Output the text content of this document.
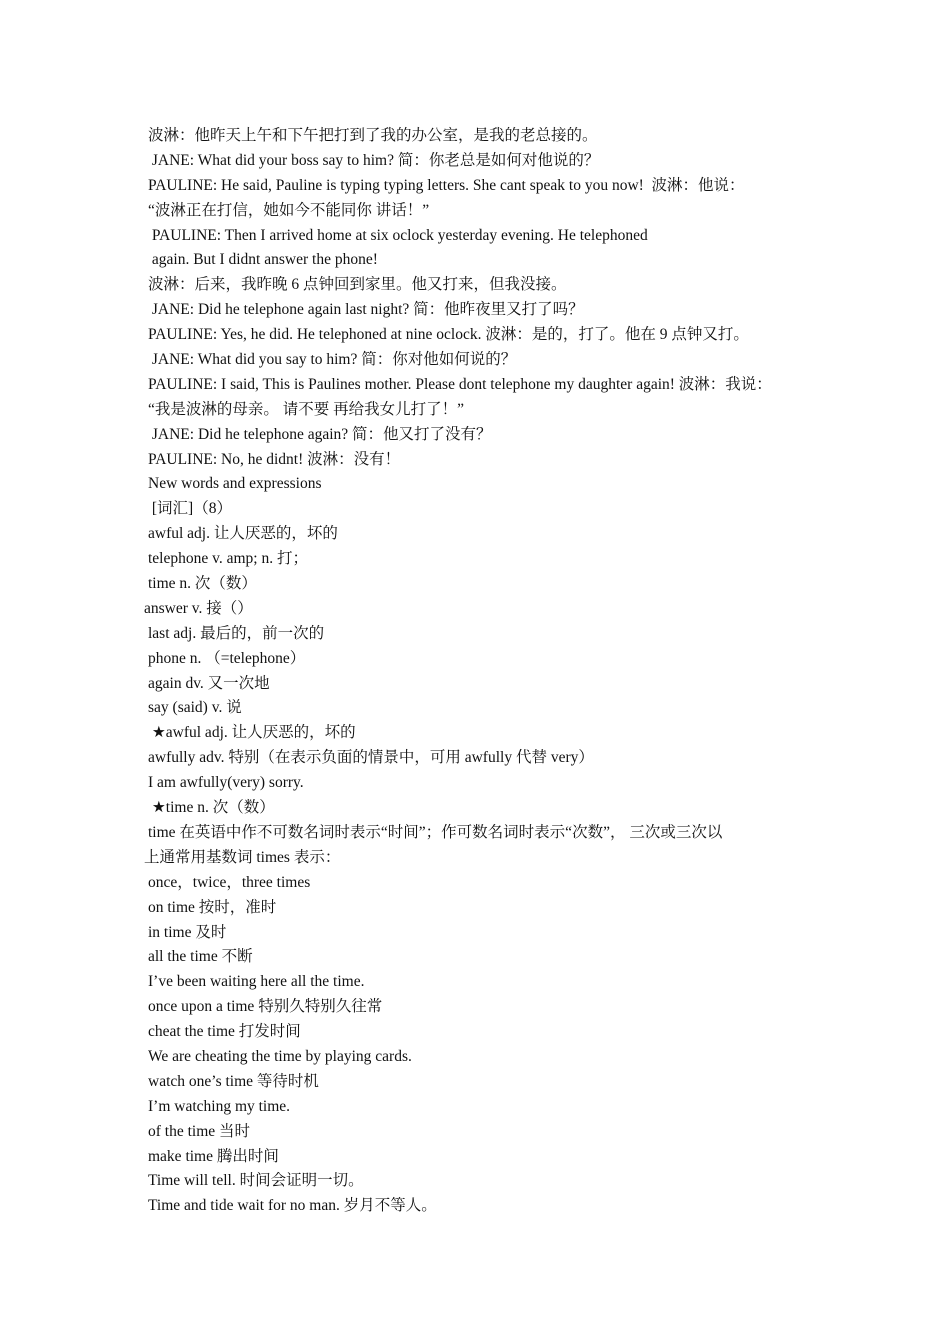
波淋：他昨天上午和下午把打到了我的办公室，是我的老总接的。
JANE: What did your boss say to him? 简：你老总是如何对他说的？
PAULINE: He said, Pauline is typing typing letters. She cant speak to you now!  波淋：他说：
“波淋正在打信，她如今不能同你 讲话！”
PAULINE: Then I arrived home at six oclock yesterday evening. He telephoned
again. But I didnt answer the phone!
波淋：后来，我昨晚 6 点钟回到家里。他又打来，但我没接。
JANE: Did he telephone again last night? 简：他昨夜里又打了吗？
PAULINE: Yes, he did. He telephoned at nine oclock. 波淋：是的，打了。他在 9 点钟又打。
JANE: What did you say to him? 简：你对他如何说的？
PAULINE: I said, This is Paulines mother. Please dont telephone my daughter again! 波淋：我说：
“我是波淋的母亲。 请不要 再给我女儿打了！”
JANE: Did he telephone again? 简：他又打了没有？
PAULINE: No, he didnt! 波淋：没有！
New words and expressions
[词汇]（8）
awful adj. 让人厌恶的，坏的
telephone v. amp; n. 打；
time n. 次（数）
answer v. 接（）
last adj. 最后的，前一次的
phone n. （=telephone）
again dv. 又一次地
say (said) v. 说
★awful adj. 让人厌恶的，坏的
awfully adv. 特别（在表示负面的情景中，可用 awfully 代替 very）
I am awfully(very) sorry.
★time n. 次（数）
time 在英语中作不可数名词时表示“时间”；作可数名词时表示“次数”， 三次或三次以
上通常用基数词 times 表示：
once，twice，three times
on time 按时，准时
in time 及时
all the time 不断
I’ve been waiting here all the time.
once upon a time 特别久特别久往常
cheat the time 打发时间
We are cheating the time by playing cards.
watch one’s time 等待时机
I’m watching my time.
of the time 当时
make time 腾出时间
Time will tell. 时间会证明一切。
Time and tide wait for no man. 岁月不等人。
